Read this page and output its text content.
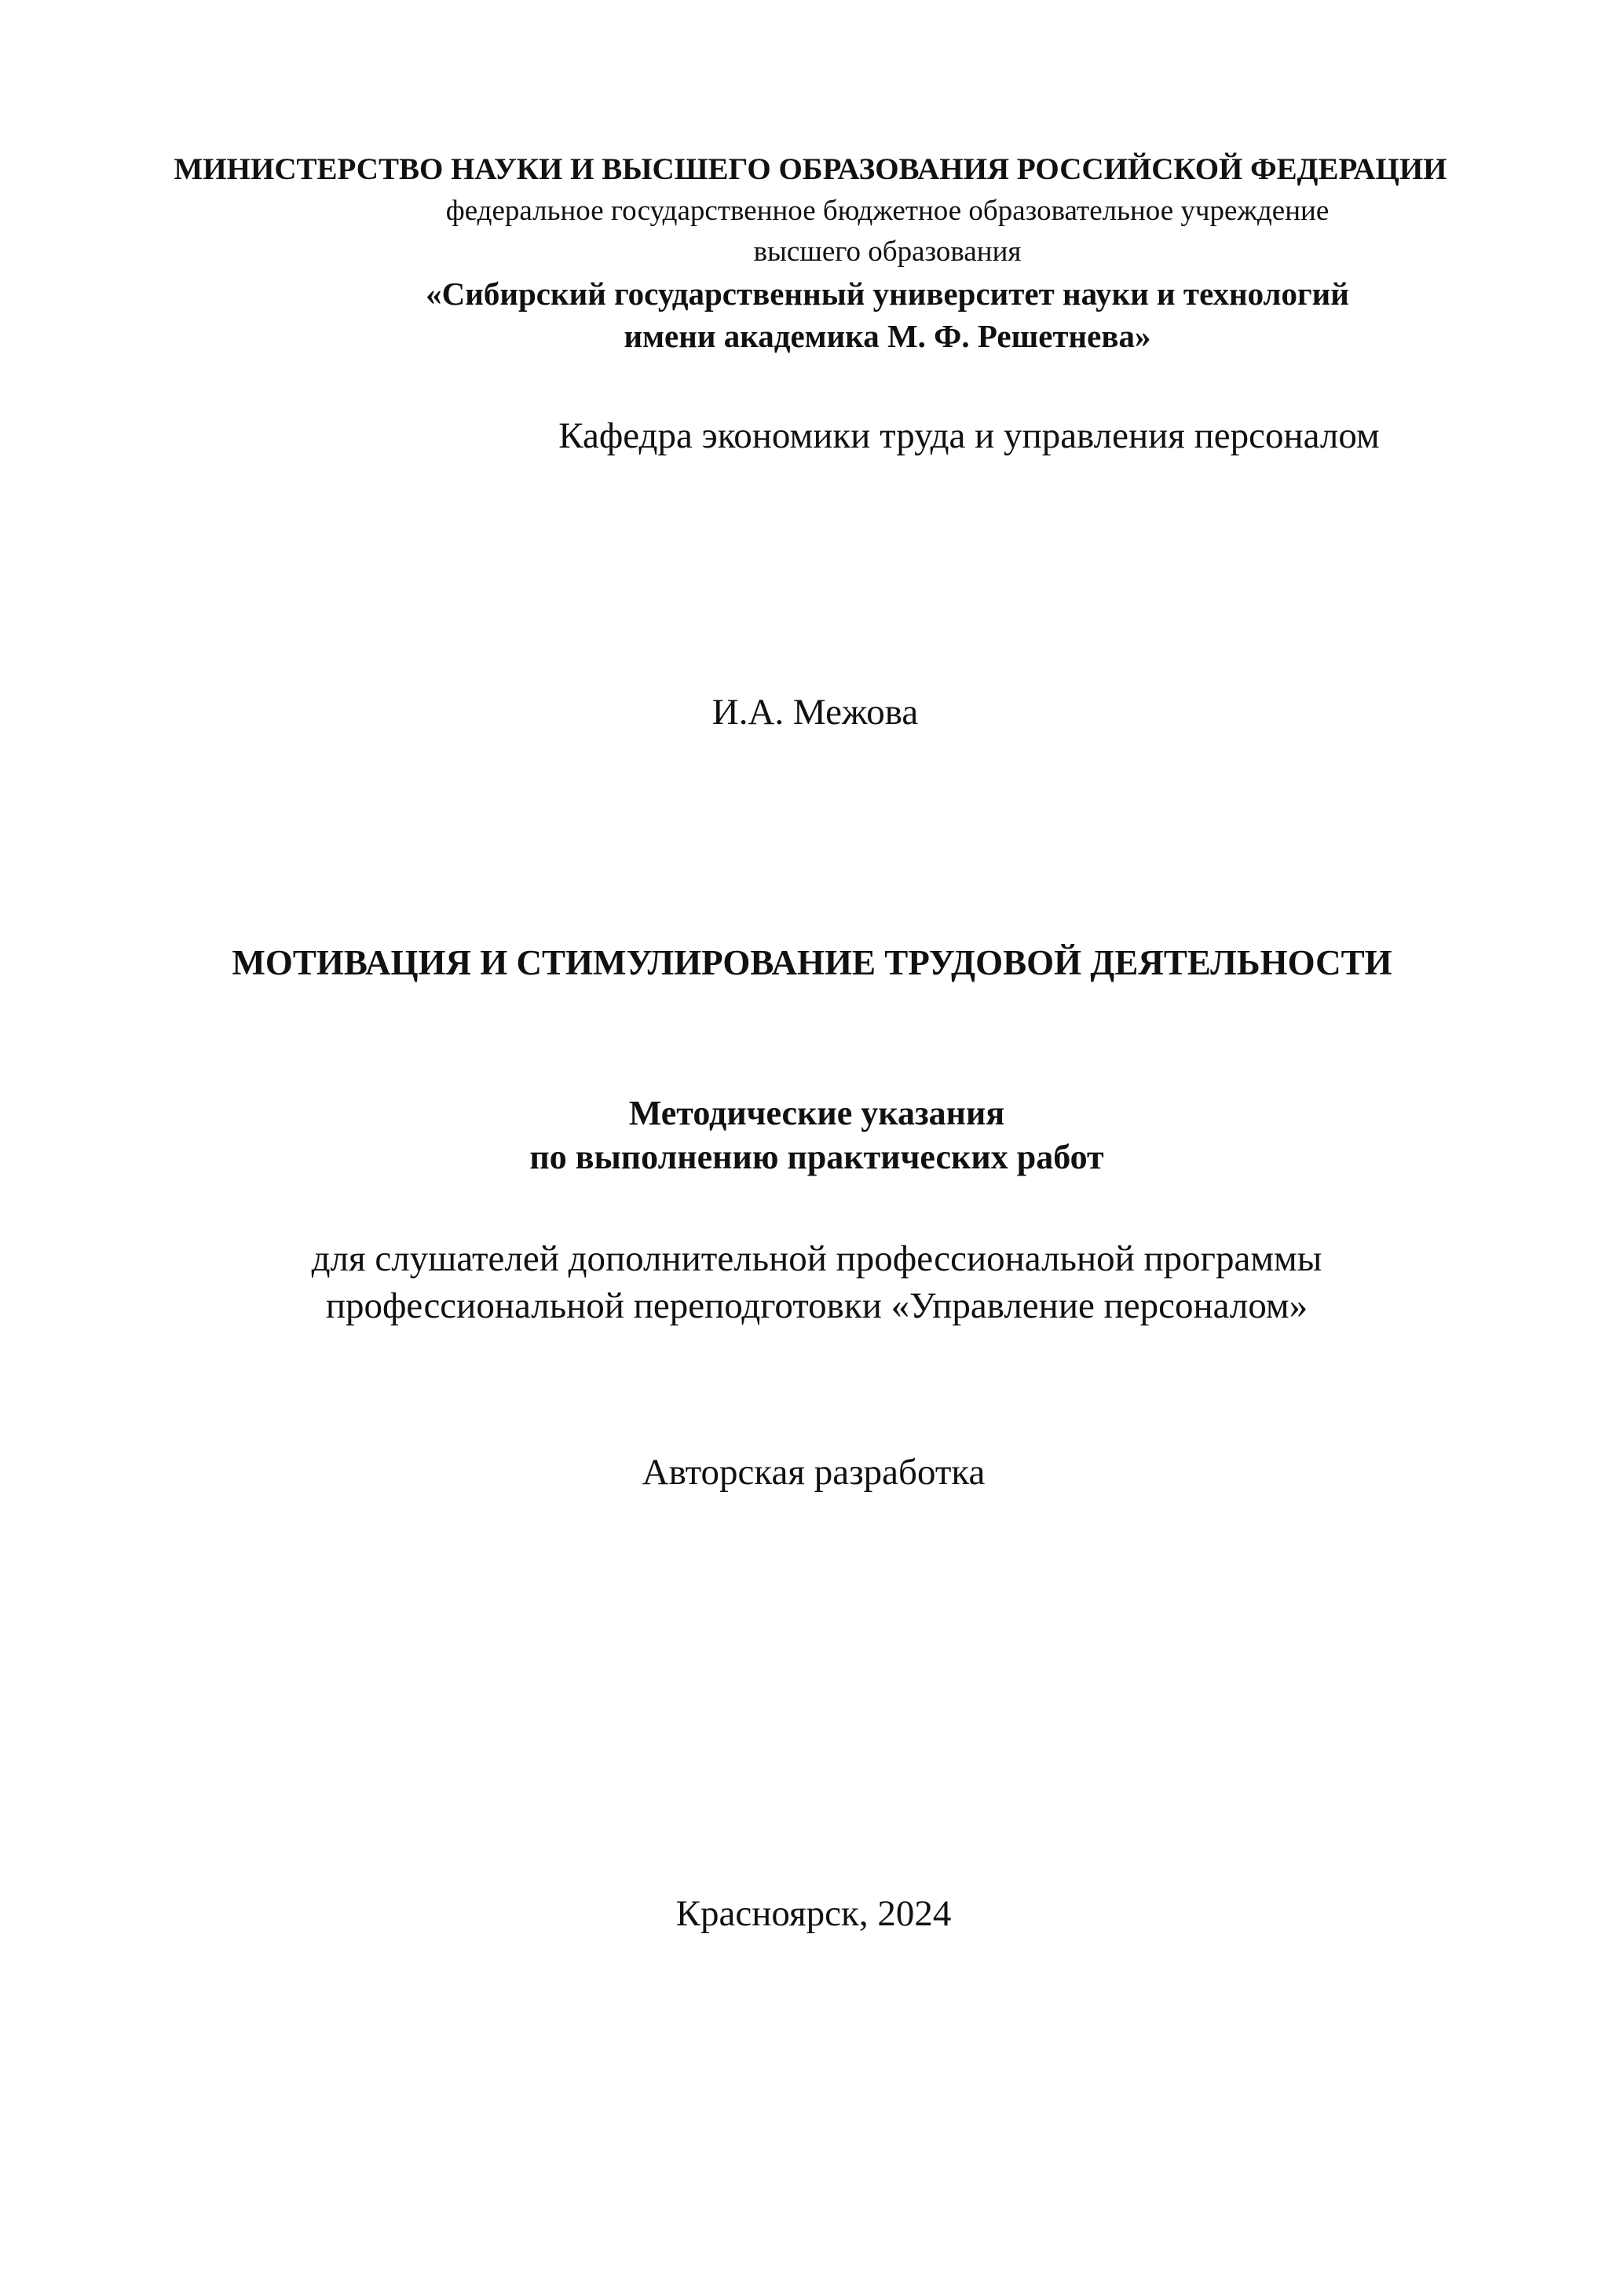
МИНИСТЕРСТВО НАУКИ И ВЫСШЕГО ОБРАЗОВАНИЯ РОССИЙСКОЙ ФЕДЕРАЦИИ
федеральное государственное бюджетное образовательное учреждение
высшего образования
«Сибирский государственный университет науки и технологий
имени академика М. Ф. Решетнева»
Кафедра экономики труда и управления персоналом
И.А. Межова
МОТИВАЦИЯ И СТИМУЛИРОВАНИЕ ТРУДОВОЙ ДЕЯТЕЛЬНОСТИ
Методические указания
по выполнению практических работ
для слушателей дополнительной профессиональной программы
профессиональной переподготовки «Управление персоналом»
Авторская разработка
Красноярск, 2024
